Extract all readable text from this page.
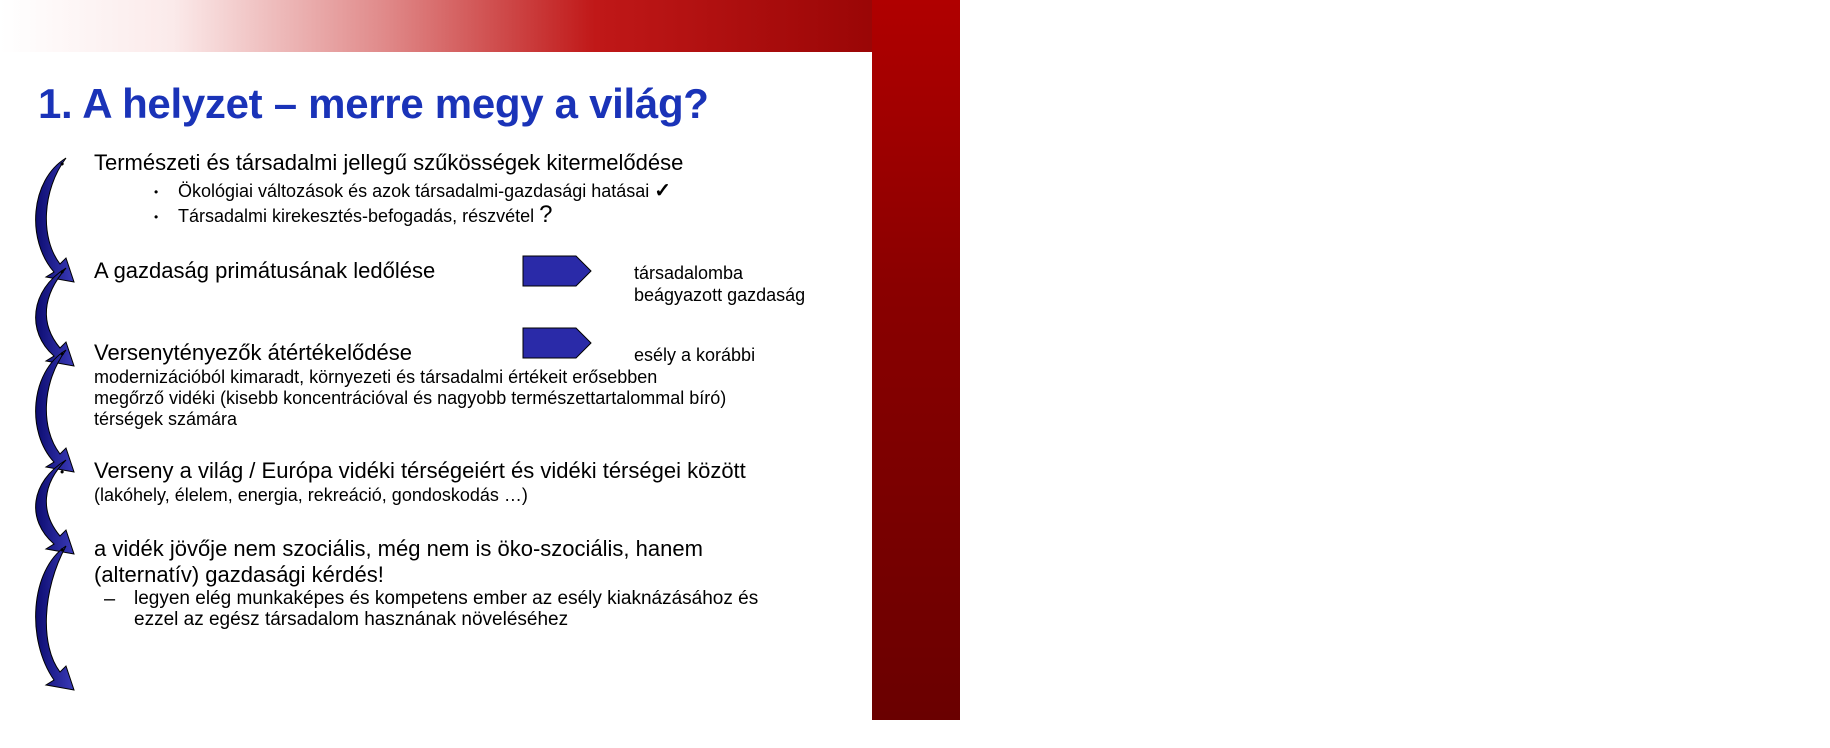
REGIONÁLIS GAZDASÁGTAN TANSZÉK
1. A helyzet – merre megy a világ?
• Természeti és társadalmi jellegű szűkösségek kitermelődése
• Ökológiai változások és azok társadalmi-gazdasági hatásai ✓
• Társadalmi kirekesztés-befogadás, részvétel ?
• A gazdaság primátusának ledőlése	társadalomba
beágyazott gazdaság
• Versenytényezők átértékelődése	esély a korábbi
modernizációból kimaradt, környezeti és társadalmi értékeit erősebben
megőrző vidéki (kisebb koncentrációval és nagyobb természettartalommal bíró)
térségek számára
• Verseny a világ / Európa vidéki térségeiért és vidéki térségei között
(lakóhely, élelem, energia, rekreáció, gondoskodás …)
• a vidék jövője nem szociális, még nem is öko-szociális, hanem
(alternatív) gazdasági kérdés!
– legyen elég munkaképes és kompetens ember az esély kiaknázásához és
ezzel az egész társadalom hasznának növeléséhez
